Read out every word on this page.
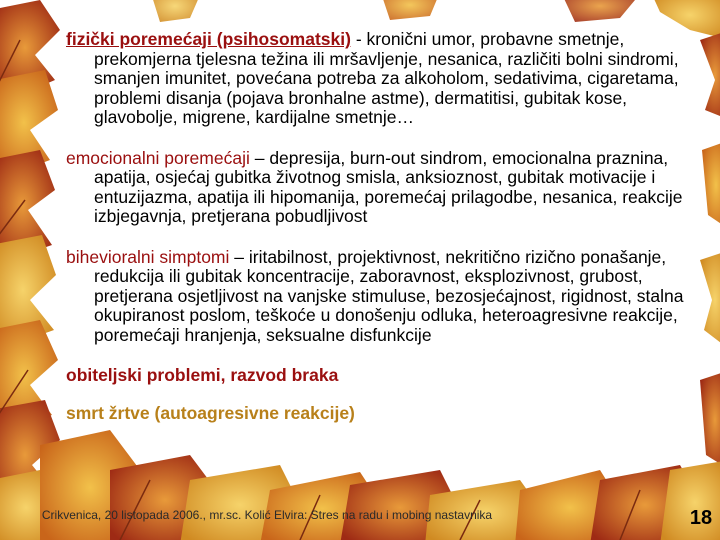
fizički poremećaji (psihosomatski) - kronični umor, probavne smetnje, prekomjerna tjelesna težina ili mršavljenje, nesanica, različiti bolni sindromi, smanjen imunitet, povećana potreba za alkoholom, sedativima, cigaretama, problemi disanja (pojava bronhalne astme), dermatitisi, gubitak kose, glavobolje, migrene, kardijalne smetnje…
emocionalni poremećaji – depresija, burn-out sindrom, emocionalna praznina, apatija, osjećaj gubitka životnog smisla, anksioznost, gubitak motivacije i entuzijazma, apatija ili hipomanija, poremećaj prilagodbe, nesanica, reakcije izbjegavnja, pretjerana pobudljivost
bihevioralni simptomi – iritabilnost, projektivnost, nekritično rizično ponašanje, redukcija ili gubitak koncentracije, zaboravnost, eksplozivnost, grubost, pretjerana osjetljivost na vanjske stimuluse, bezosjećajnost, rigidnost, stalna okupiranost poslom, teškoće u donošenju odluka, heteroagresivne reakcije, poremećaji hranjenja, seksualne disfunkcije
obiteljski problemi, razvod braka
smrt žrtve (autoagresivne reakcije)
Crikvenica, 20 listopada 2006., mr.sc. Kolić Elvira: Stres na radu i mobing nastavnika	18
